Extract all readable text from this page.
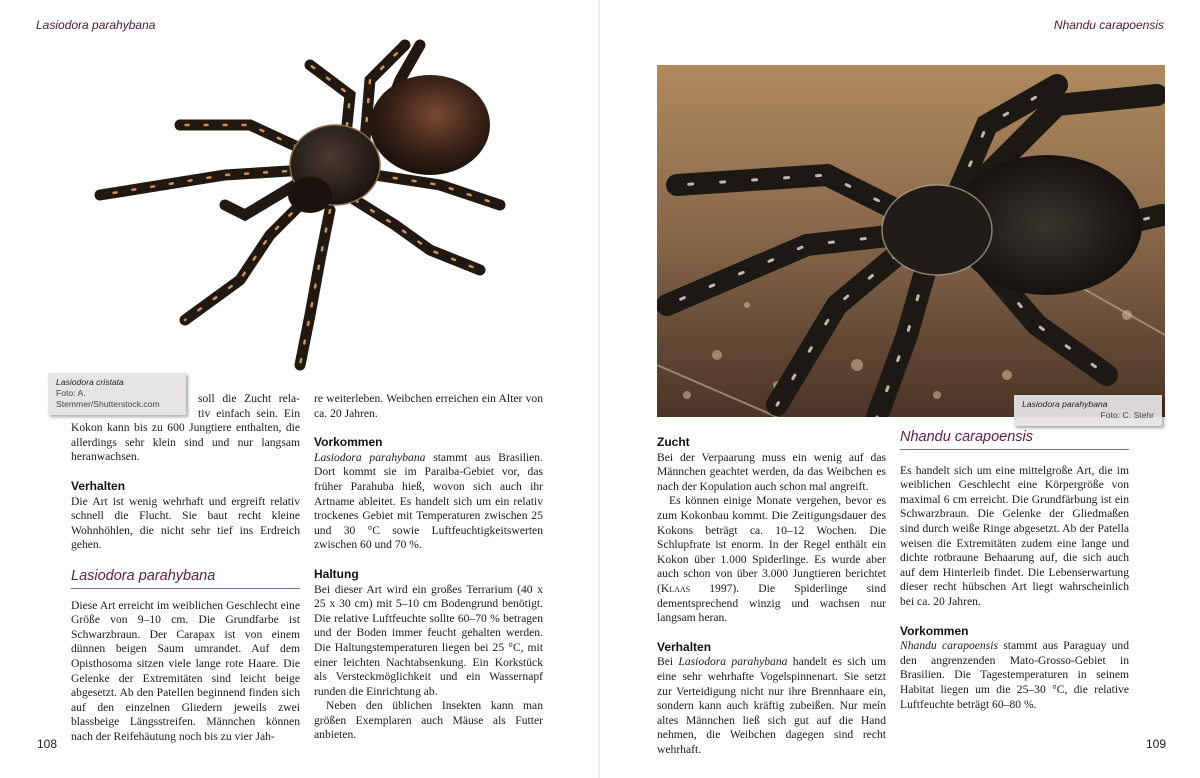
Lasiodora parahybana
Lasiodora cristata
Foto: A. Stemmer/Shutterstock.com	soll die Zucht rela-

tiv einfach sein. Ein

Kokon kann bis zu 600 Jungtiere enthalten, die allerdings sehr klein sind und nur langsam heranwachsen.

Verhalten

Die Art ist wenig wehrhaft und ergreift relativ schnell die Flucht. Sie baut recht kleine Wohnhöhlen, die nicht sehr tief ins Erdreich gehen.

Lasiodora parahybana

Diese Art erreicht im weiblichen Geschlecht eine Größe von 9–10 cm. Die Grundfarbe ist Schwarzbraun. Der Carapax ist von einem dünnen beigen Saum umrandet. Auf dem Opisthosoma sitzen viele lange rote Haare. Die Gelenke der Extremitäten sind leicht beige abgesetzt. Ab den Patellen beginnend finden sich auf den einzelnen Gliedern jeweils zwei blassbeige Längsstreifen. Männchen können nach der Reifehäutung noch bis zu vier Jah-

re weiterleben. Weibchen erreichen ein Alter von ca. 20 Jahren.

Vorkommen

Lasiodora parahybana stammt aus Brasilien. Dort kommt sie im Paraiba-Gebiet vor, das früher Parahuba hieß, wovon sich auch ihr Artname ableitet. Es handelt sich um ein relativ trockenes Gebiet mit Temperaturen zwischen 25 und 30 °C sowie Luftfeuchtigkeitswerten zwischen 60 und 70 %.

Haltung

Bei dieser Art wird ein großes Terrarium (40 x 25 x 30 cm) mit 5–10 cm Bodengrund benötigt. Die relative Luftfeuchte sollte 60–70 % betragen und der Boden immer feucht gehalten werden. Die Haltungstemperaturen liegen bei 25 °C, mit einer leichten Nachtabsenkung. Ein Korkstück als Versteckmöglichkeit und ein Wassernapf runden die Einrichtung ab.

Neben den üblichen Insekten kann man größen Exemplaren auch Mäuse als Futter anbieten.

108
Nhandu carapoensis
109
Lasiodora parahybana
Foto: C. Stehr
Zucht

Bei der Verpaarung muss ein wenig auf das Männchen geachtet werden, da das Weibchen es nach der Kopulation auch schon mal angreift.

Es können einige Monate vergehen, bevor es zum Kokonbau kommt. Die Zeitigungsdauer des Kokons beträgt ca. 10–12 Wochen. Die Schlupfrate ist enorm. In der Regel enthält ein Kokon über 1.000 Spiderlinge. Es wurde aber auch schon von über 3.000 Jungtieren berichtet (Klaas 1997). Die Spiderlinge sind dementsprechend winzig und wachsen nur langsam heran.

Verhalten

Bei Lasiodora parahybana handelt es sich um eine sehr wehrhafte Vogelspinnenart. Sie setzt zur Verteidigung nicht nur ihre Brennhaare ein, sondern kann auch kräftig zubeißen. Nur meín altes Männchen ließ sich gut auf die Hand nehmen, die Weibchen dagegen sind recht wehrhaft.

Nhandu carapoensis

Es handelt sich um eine mittelgroße Art, die im weiblichen Geschlecht eine Körpergröße von maximal 6 cm erreicht. Die Grundfärbung ist ein Schwarzbraun. Die Gelenke der Gliedmaßen sind durch weiße Ringe abgesetzt. Ab der Patella weisen die Extremitäten zudem eine lange und dichte rotbraune Behaarung auf, die sich auch auf dem Hinterleib findet. Die Lebenserwartung dieser recht hübschen Art liegt wahrscheinlich bei ca. 20 Jahren.

Vorkommen

Nhandu carapoensis stammt aus Paraguay und den angrenzenden Mato-Grosso-Gebiet in Brasilien. Die Tagestemperaturen in seinem Habitat liegen um die 25–30 °C, die relative Luftfeuchte beträgt 60–80 %.
